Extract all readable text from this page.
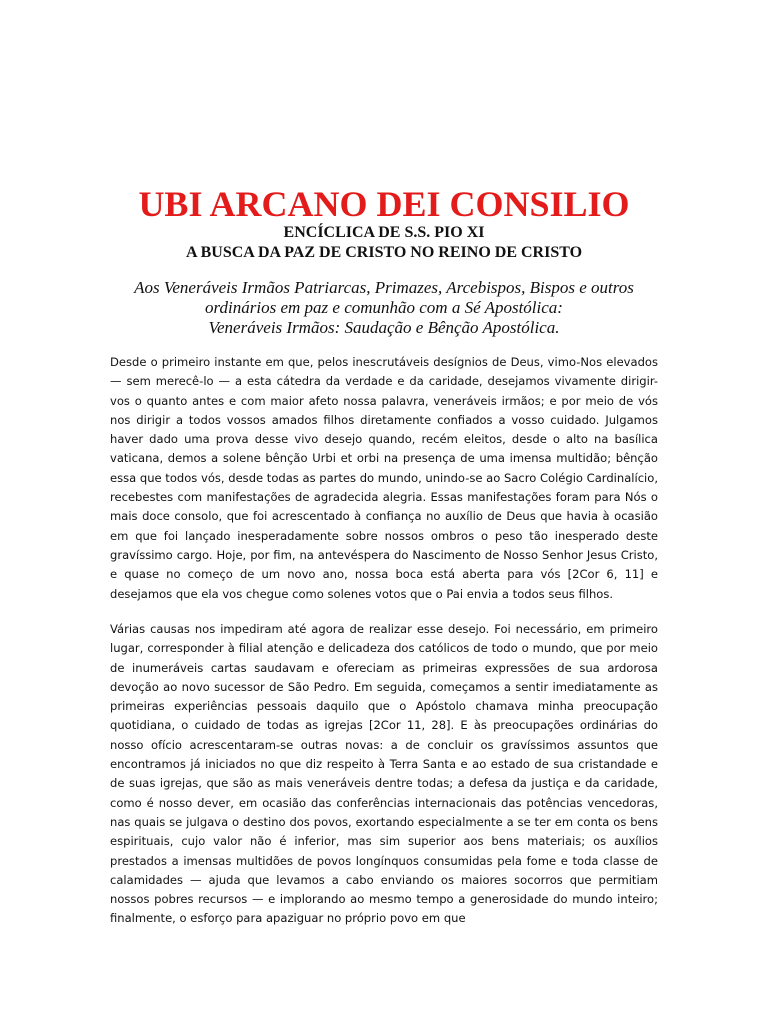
UBI ARCANO DEI CONSILIO

ENCÍCLICA DE S.S. PIO XI

A BUSCA DA PAZ DE CRISTO NO REINO DE CRISTO

Aos Veneráveis Irmãos Patriarcas, Primazes, Arcebispos, Bispos e outros
ordinários em paz e comunhão com a Sé Apostólica:
Veneráveis Irmãos: Saudação e Bênção Apostólica.

Desde o primeiro instante em que, pelos inescrutáveis desígnios de Deus, vimo-Nos elevados — sem merecê-lo — a esta cátedra da verdade e da caridade, desejamos vivamente dirigir-vos o quanto antes e com maior afeto nossa palavra, veneráveis irmãos; e por meio de vós nos dirigir a todos vossos amados filhos diretamente confiados a vosso cuidado. Julgamos haver dado uma prova desse vivo desejo quando, recém eleitos, desde o alto na basílica vaticana, demos a solene bênção Urbi et orbi na presença de uma imensa multidão; bênção essa que todos vós, desde todas as partes do mundo, unindo-se ao Sacro Colégio Cardinalício, recebestes com manifestações de agradecida alegria. Essas manifestações foram para Nós o mais doce consolo, que foi acrescentado à confiança no auxílio de Deus que havia à ocasião em que foi lançado inesperadamente sobre nossos ombros o peso tão inesperado deste gravíssimo cargo. Hoje, por fim, na antevéspera do Nascimento de Nosso Senhor Jesus Cristo, e quase no começo de um novo ano, nossa boca está aberta para vós [2Cor 6, 11] e desejamos que ela vos chegue como solenes votos que o Pai envia a todos seus filhos.

Várias causas nos impediram até agora de realizar esse desejo. Foi necessário, em primeiro lugar, corresponder à filial atenção e delicadeza dos católicos de todo o mundo, que por meio de inumeráveis cartas saudavam e ofereciam as primeiras expressões de sua ardorosa devoção ao novo sucessor de São Pedro. Em seguida, começamos a sentir imediatamente as primeiras experiências pessoais daquilo que o Apóstolo chamava minha preocupação quotidiana, o cuidado de todas as igrejas [2Cor 11, 28]. E às preocupações ordinárias do nosso ofício acrescentaram-se outras novas: a de concluir os gravíssimos assuntos que encontramos já iniciados no que diz respeito à Terra Santa e ao estado de sua cristandade e de suas igrejas, que são as mais veneráveis dentre todas; a defesa da justiça e da caridade, como é nosso dever, em ocasião das conferências internacionais das potências vencedoras, nas quais se julgava o destino dos povos, exortando especialmente a se ter em conta os bens espirituais, cujo valor não é inferior, mas sim superior aos bens materiais; os auxílios prestados a imensas multidões de povos longínquos consumidas pela fome e toda classe de calamidades — ajuda que levamos a cabo enviando os maiores socorros que permitiam nossos pobres recursos — e implorando ao mesmo tempo a generosidade do mundo inteiro; finalmente, o esforço para apaziguar no próprio povo em que
